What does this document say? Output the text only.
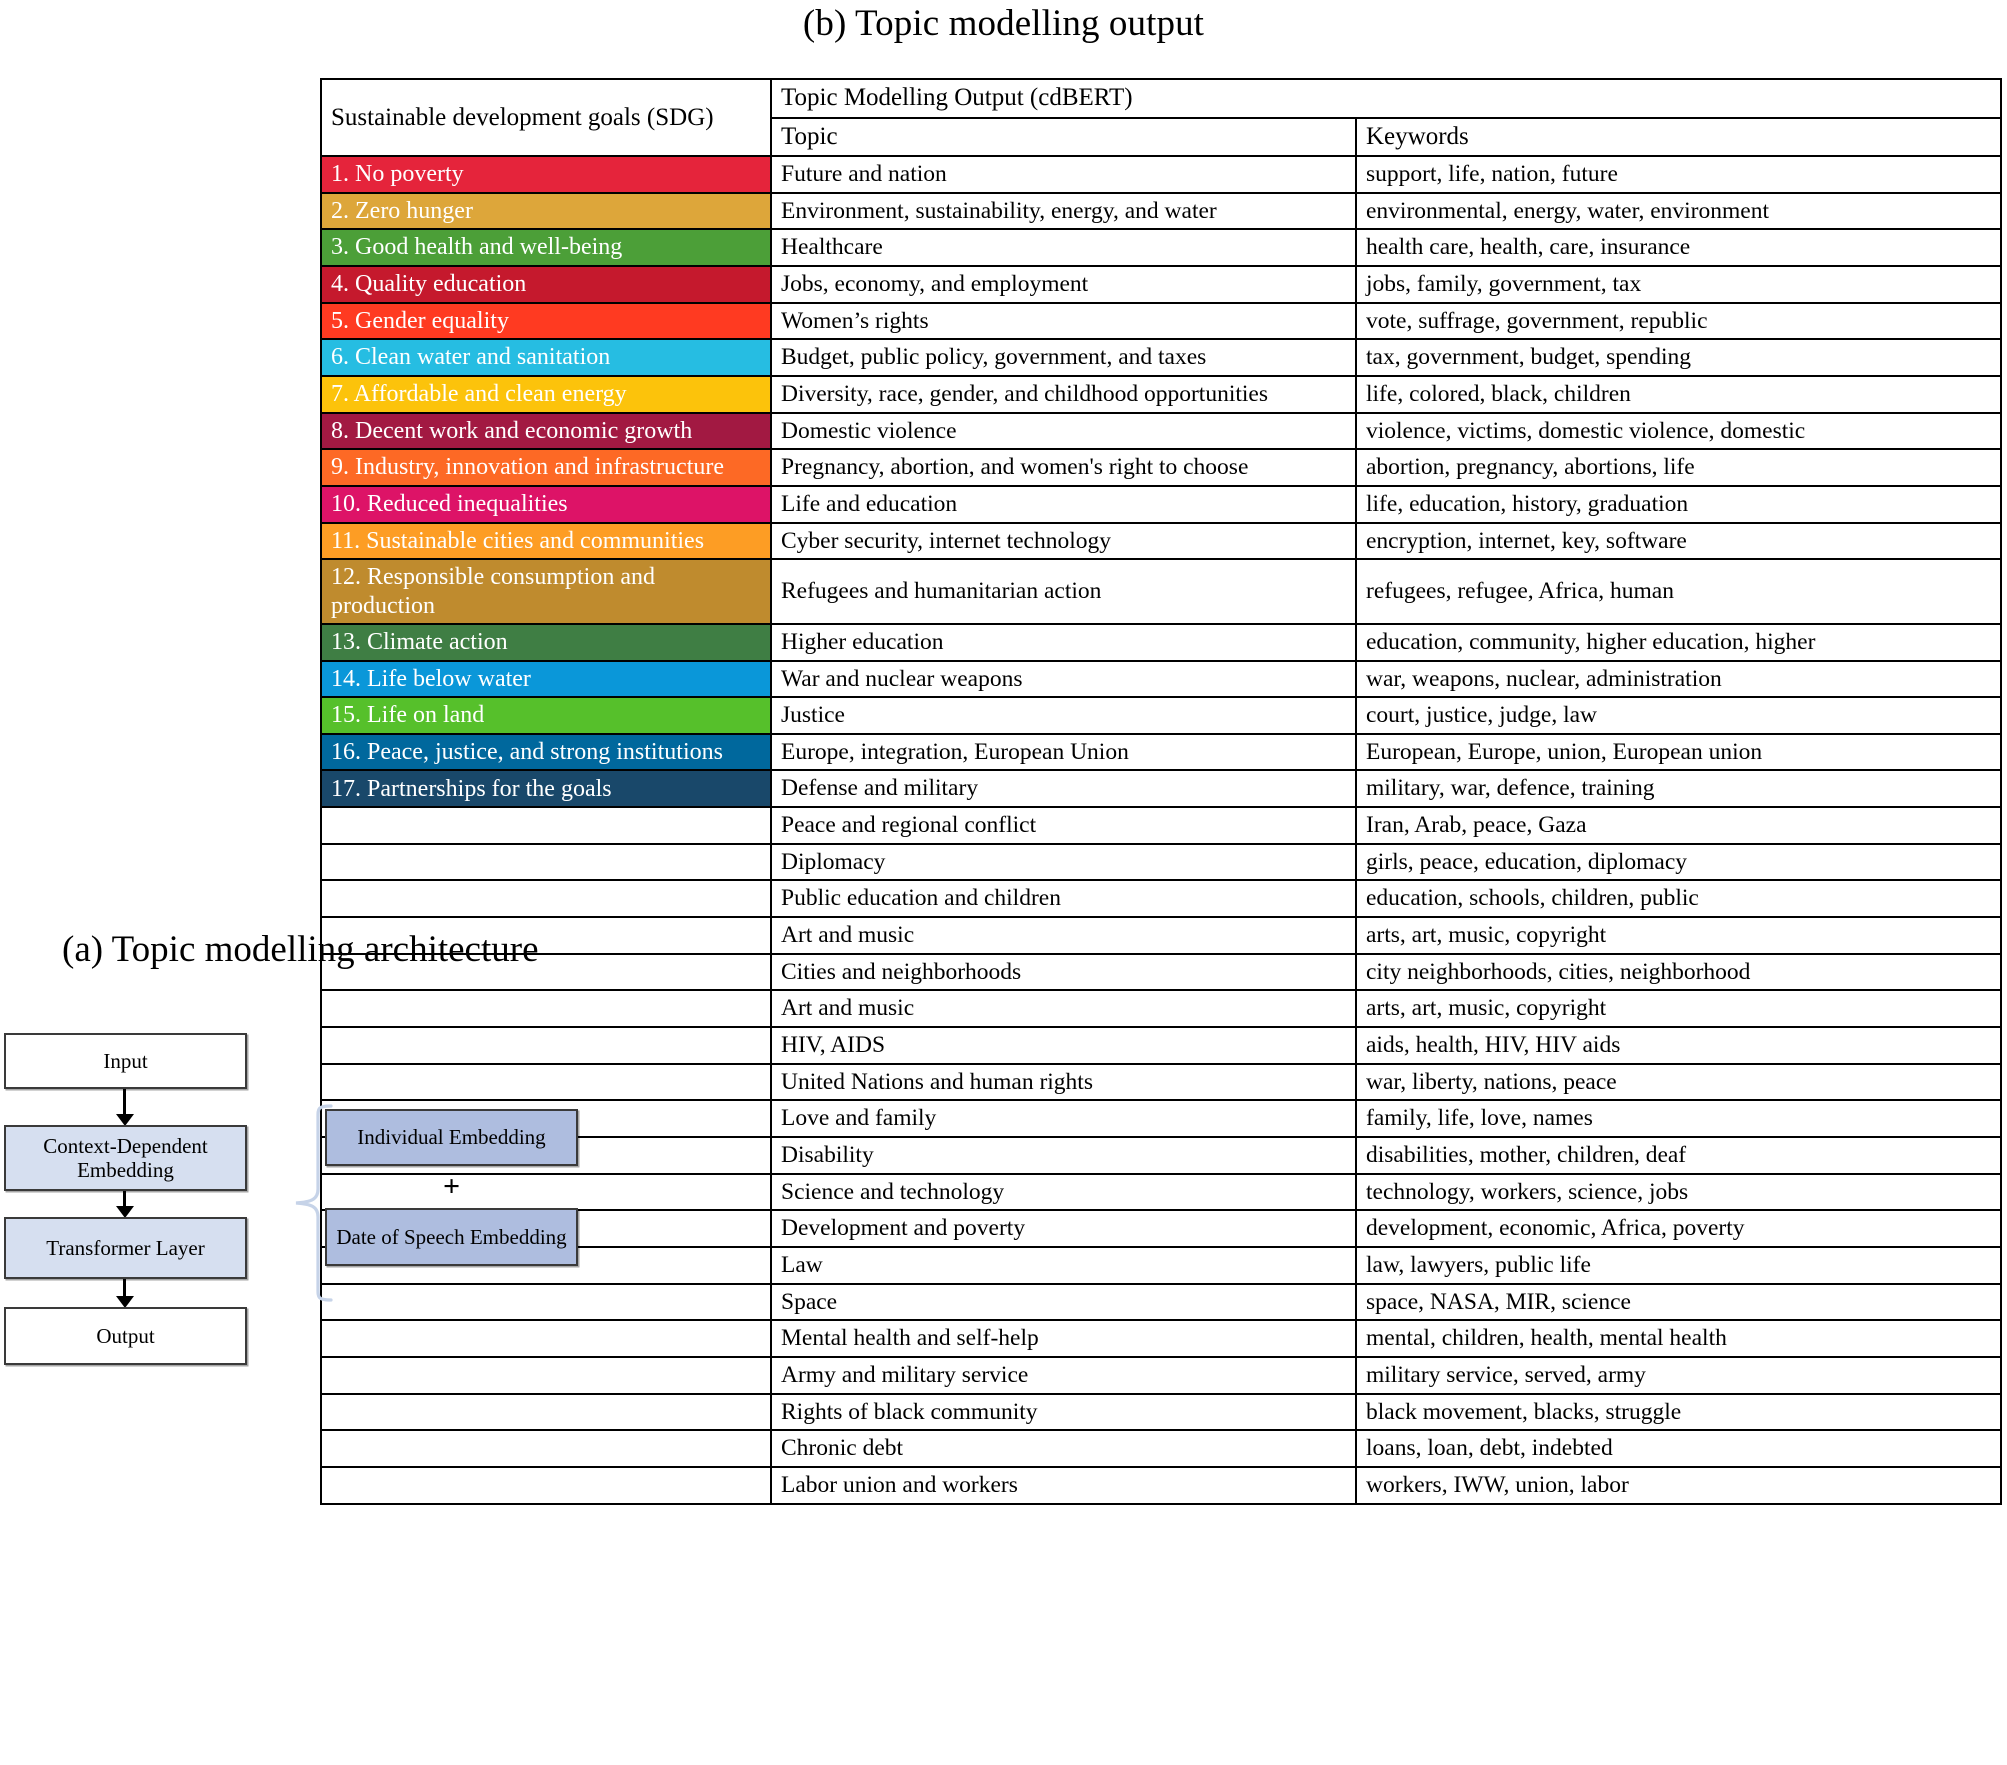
(b) Topic modelling output
Sustainable development goals (SDG)	Topic Modelling Output (cdBERT)	
	Topic	Keywords
1. No poverty	Future and nation	support, life, nation, future
2. Zero hunger	Environment, sustainability, energy, and water	environmental, energy, water, environment
3. Good health and well-being	Healthcare	health care, health, care, insurance
4. Quality education	Jobs, economy, and employment	jobs, family, government, tax
5. Gender equality	Women’s rights	vote, suffrage, government, republic
6. Clean water and sanitation	Budget, public policy, government, and taxes	tax, government, budget, spending
7. Affordable and clean energy	Diversity, race, gender, and childhood opportunities	life, colored, black, children
8. Decent work and economic growth	Domestic violence	violence, victims, domestic violence, domestic
9. Industry, innovation and infrastructure	Pregnancy, abortion, and women's right to choose	abortion, pregnancy, abortions, life
10. Reduced inequalities	Life and education	life, education, history, graduation
11. Sustainable cities and communities	Cyber security, internet technology	encryption, internet, key, software
12. Responsible consumption and production	Refugees and humanitarian action	refugees, refugee, Africa, human
13. Climate action	Higher education	education, community, higher education, higher
14. Life below water	War and nuclear weapons	war, weapons, nuclear, administration
15. Life on land	Justice	court, justice, judge, law
16. Peace, justice, and strong institutions	Europe, integration, European Union	European, Europe, union, European union
17. Partnerships for the goals	Defense and military	military, war, defence, training
	Peace and regional conflict	Iran, Arab, peace, Gaza
	Diplomacy	girls, peace, education, diplomacy
	Public education and children	education, schools, children, public
	Art and music	arts, art, music, copyright
	Cities and neighborhoods	city neighborhoods, cities, neighborhood
	Art and music	arts, art, music, copyright
	HIV, AIDS	aids, health, HIV, HIV aids
	United Nations and human rights	war, liberty, nations, peace
	Love and family	family, life, love, names
	Disability	disabilities, mother, children, deaf
	Science and technology	technology, workers, science, jobs
	Development and poverty	development, economic, Africa, poverty
	Law	law, lawyers, public life
	Space	space, NASA, MIR, science
	Mental health and self-help	mental, children, health, mental health
	Army and military service	military service, served, army
	Rights of black community	black movement, blacks, struggle
	Chronic debt	loans, loan, debt, indebted
	Labor union and workers	workers, IWW, union, labor
(a) Topic modelling architecture
Input
Context-Dependent Embedding
Transformer Layer
Output
Individual Embedding
+
Date of Speech Embedding
